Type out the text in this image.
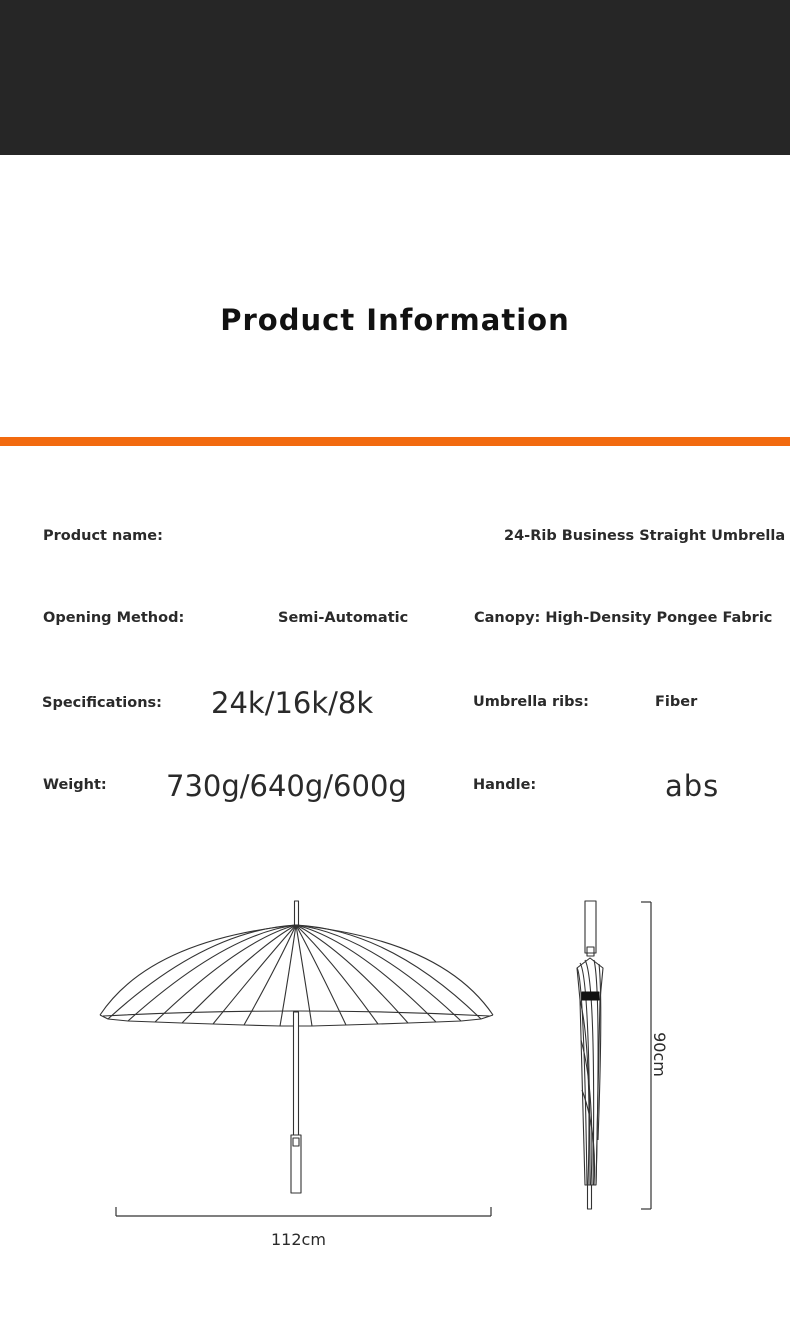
Product Information
Product name:	24-Rib Business Straight Umbrella
Opening Method:	Semi-Automatic	Canopy: High-Density Pongee Fabric
Specifications: 24k/16k/8k	Umbrella ribs:	Fiber
Weight: 730g/640g/600g	Handle:	abs
112cm
90cm
